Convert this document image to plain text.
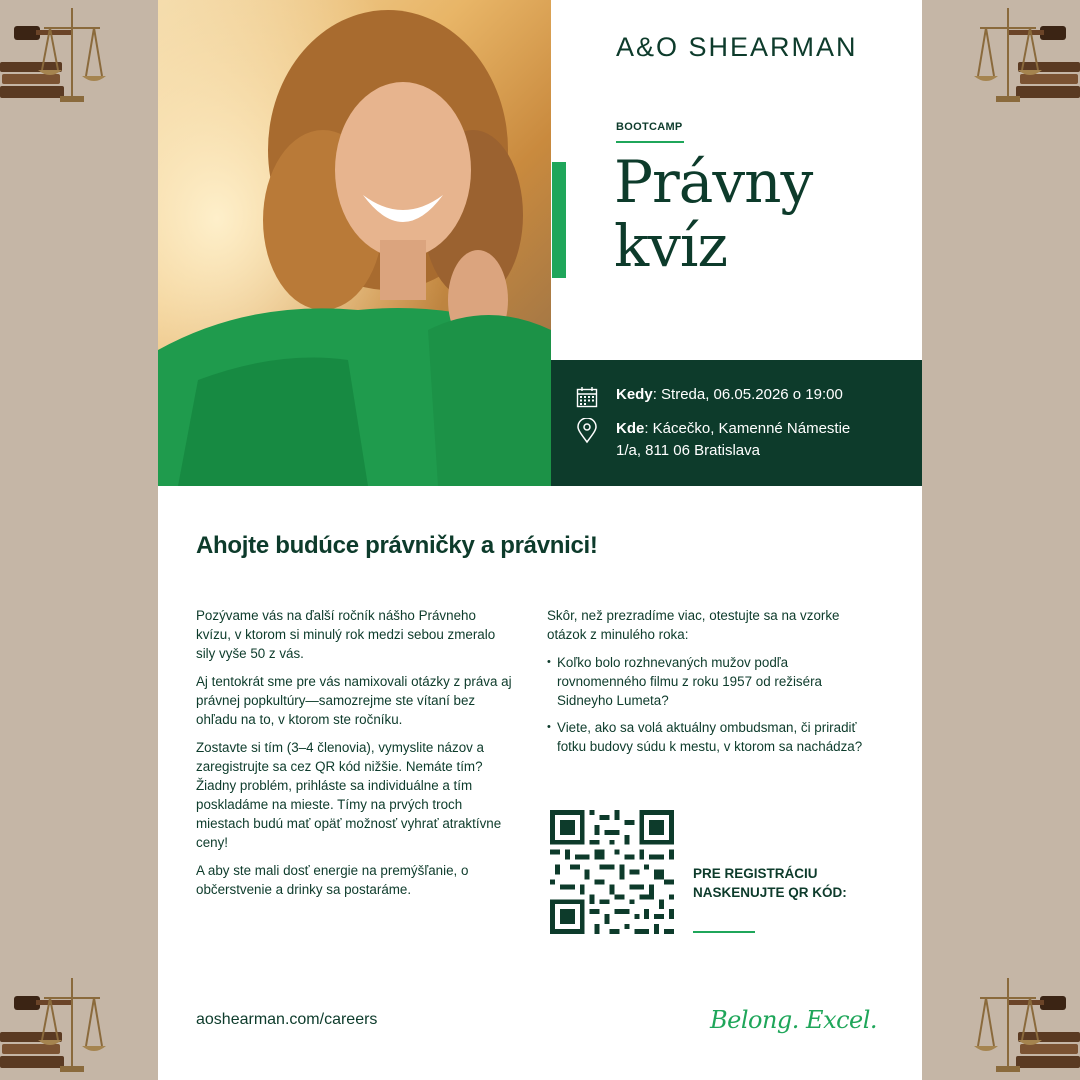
A&O SHEARMAN
BOOTCAMP
Právny
kvíz
Kedy: Streda, 06.05.2026 o 19:00
Kde: Kácečko, Kamenné Námestie 1/a, 811 06 Bratislava
Ahojte budúce právničky a právnici!

Pozývame vás na ďalší ročník nášho Právneho kvízu, v ktorom si minulý rok medzi sebou zmeralo sily vyše 50 z vás.

Aj tentokrát sme pre vás namixovali otázky z práva aj právnej popkultúry—samozrejme ste vítaní bez ohľadu na to, v ktorom ste ročníku.

Zostavte si tím (3–4 členovia), vymyslite názov a zaregistrujte sa cez QR kód nižšie. Nemáte tím? Žiadny problém, prihláste sa individuálne a tím poskladáme na mieste. Tímy na prvých troch miestach budú mať opäť možnosť vyhrať atraktívne ceny!

A aby ste mali dosť energie na premýšľanie, o občerstvenie a drinky sa postaráme.

Skôr, než prezradíme viac, otestujte sa na vzorke otázok z minulého roka:

• Koľko bolo rozhnevaných mužov podľa rovnomenného filmu z roku 1957 od režiséra Sidneyho Lumeta?
• Viete, ako sa volá aktuálny ombudsman, či priradiť fotku budovy súdu k mestu, v ktorom sa nachádza?
PRE REGISTRÁCIU NASKENUJTE QR KÓD:
aoshearman.com/careers	Belong. Excel.
